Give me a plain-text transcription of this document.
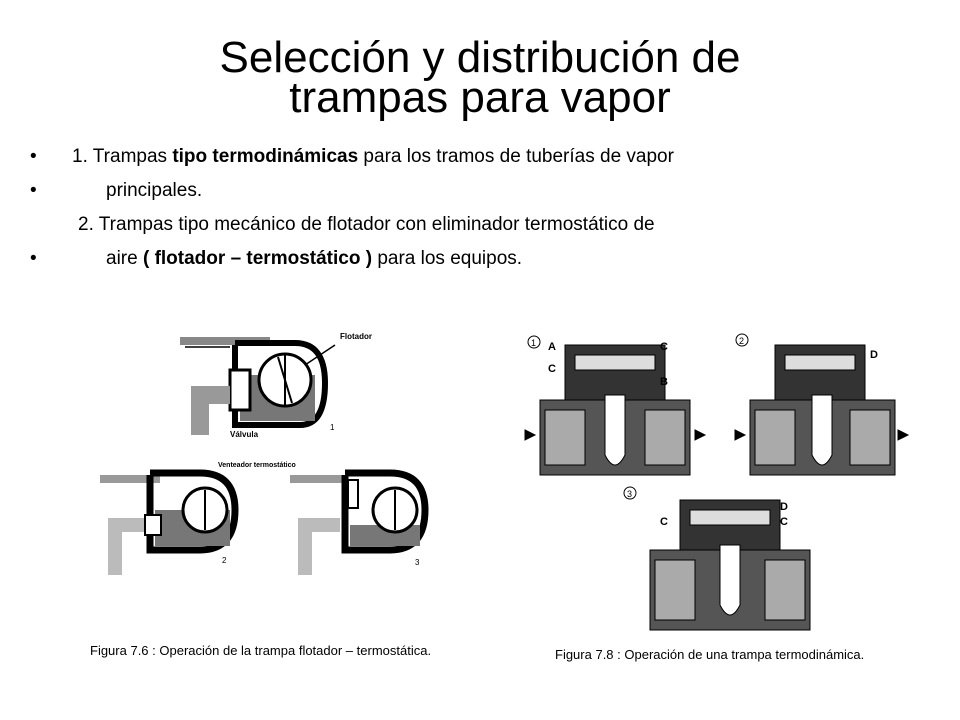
Selección y distribución de
trampas para vapor
• 1. Trampas tipo termodinámicas para los tramos de tuberías de vapor
•	principales.
2. Trampas tipo mecánico de flotador con eliminador termostático de
•	aire ( flotador – termostático ) para los equipos.
Flotador
Válvula
1
Venteador termostático
2	3
Figura 7.6 : Operación de la trampa flotador – termostática.
1 A
C
C
B
2
D
3
D
C	C
Figura 7.8 : Operación de una trampa termodinámica.
